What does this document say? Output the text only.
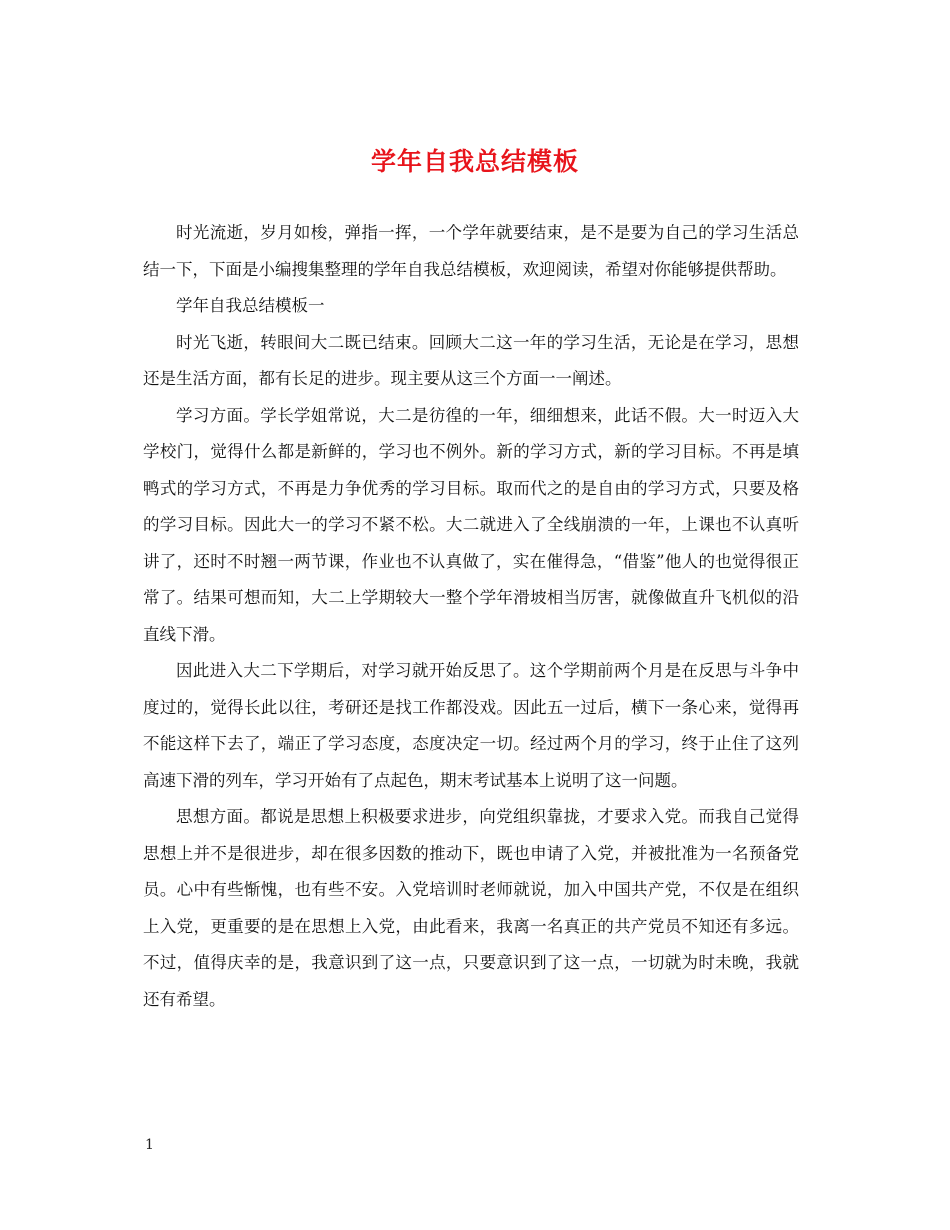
学年自我总结模板

时光流逝，岁月如梭，弹指一挥，一个学年就要结束，是不是要为自己的学习生活总结一下，下面是小编搜集整理的学年自我总结模板，欢迎阅读，希望对你能够提供帮助。

学年自我总结模板一

时光飞逝，转眼间大二既已结束。回顾大二这一年的学习生活，无论是在学习，思想还是生活方面，都有长足的进步。现主要从这三个方面一一阐述。

学习方面。学长学姐常说，大二是彷徨的一年，细细想来，此话不假。大一时迈入大学校门，觉得什么都是新鲜的，学习也不例外。新的学习方式，新的学习目标。不再是填鸭式的学习方式，不再是力争优秀的学习目标。取而代之的是自由的学习方式，只要及格的学习目标。因此大一的学习不紧不松。大二就进入了全线崩溃的一年，上课也不认真听讲了，还时不时翘一两节课，作业也不认真做了，实在催得急，“借鉴”他人的也觉得很正常了。结果可想而知，大二上学期较大一整个学年滑坡相当厉害，就像做直升飞机似的沿直线下滑。

因此进入大二下学期后，对学习就开始反思了。这个学期前两个月是在反思与斗争中度过的，觉得长此以往，考研还是找工作都没戏。因此五一过后，横下一条心来，觉得再不能这样下去了，端正了学习态度，态度决定一切。经过两个月的学习，终于止住了这列高速下滑的列车，学习开始有了点起色，期末考试基本上说明了这一问题。

思想方面。都说是思想上积极要求进步，向党组织靠拢，才要求入党。而我自己觉得思想上并不是很进步，却在很多因数的推动下，既也申请了入党，并被批准为一名预备党员。心中有些惭愧，也有些不安。入党培训时老师就说，加入中国共产党，不仅是在组织上入党，更重要的是在思想上入党，由此看来，我离一名真正的共产党员不知还有多远。不过，值得庆幸的是，我意识到了这一点，只要意识到了这一点，一切就为时未晚，我就还有希望。

1
